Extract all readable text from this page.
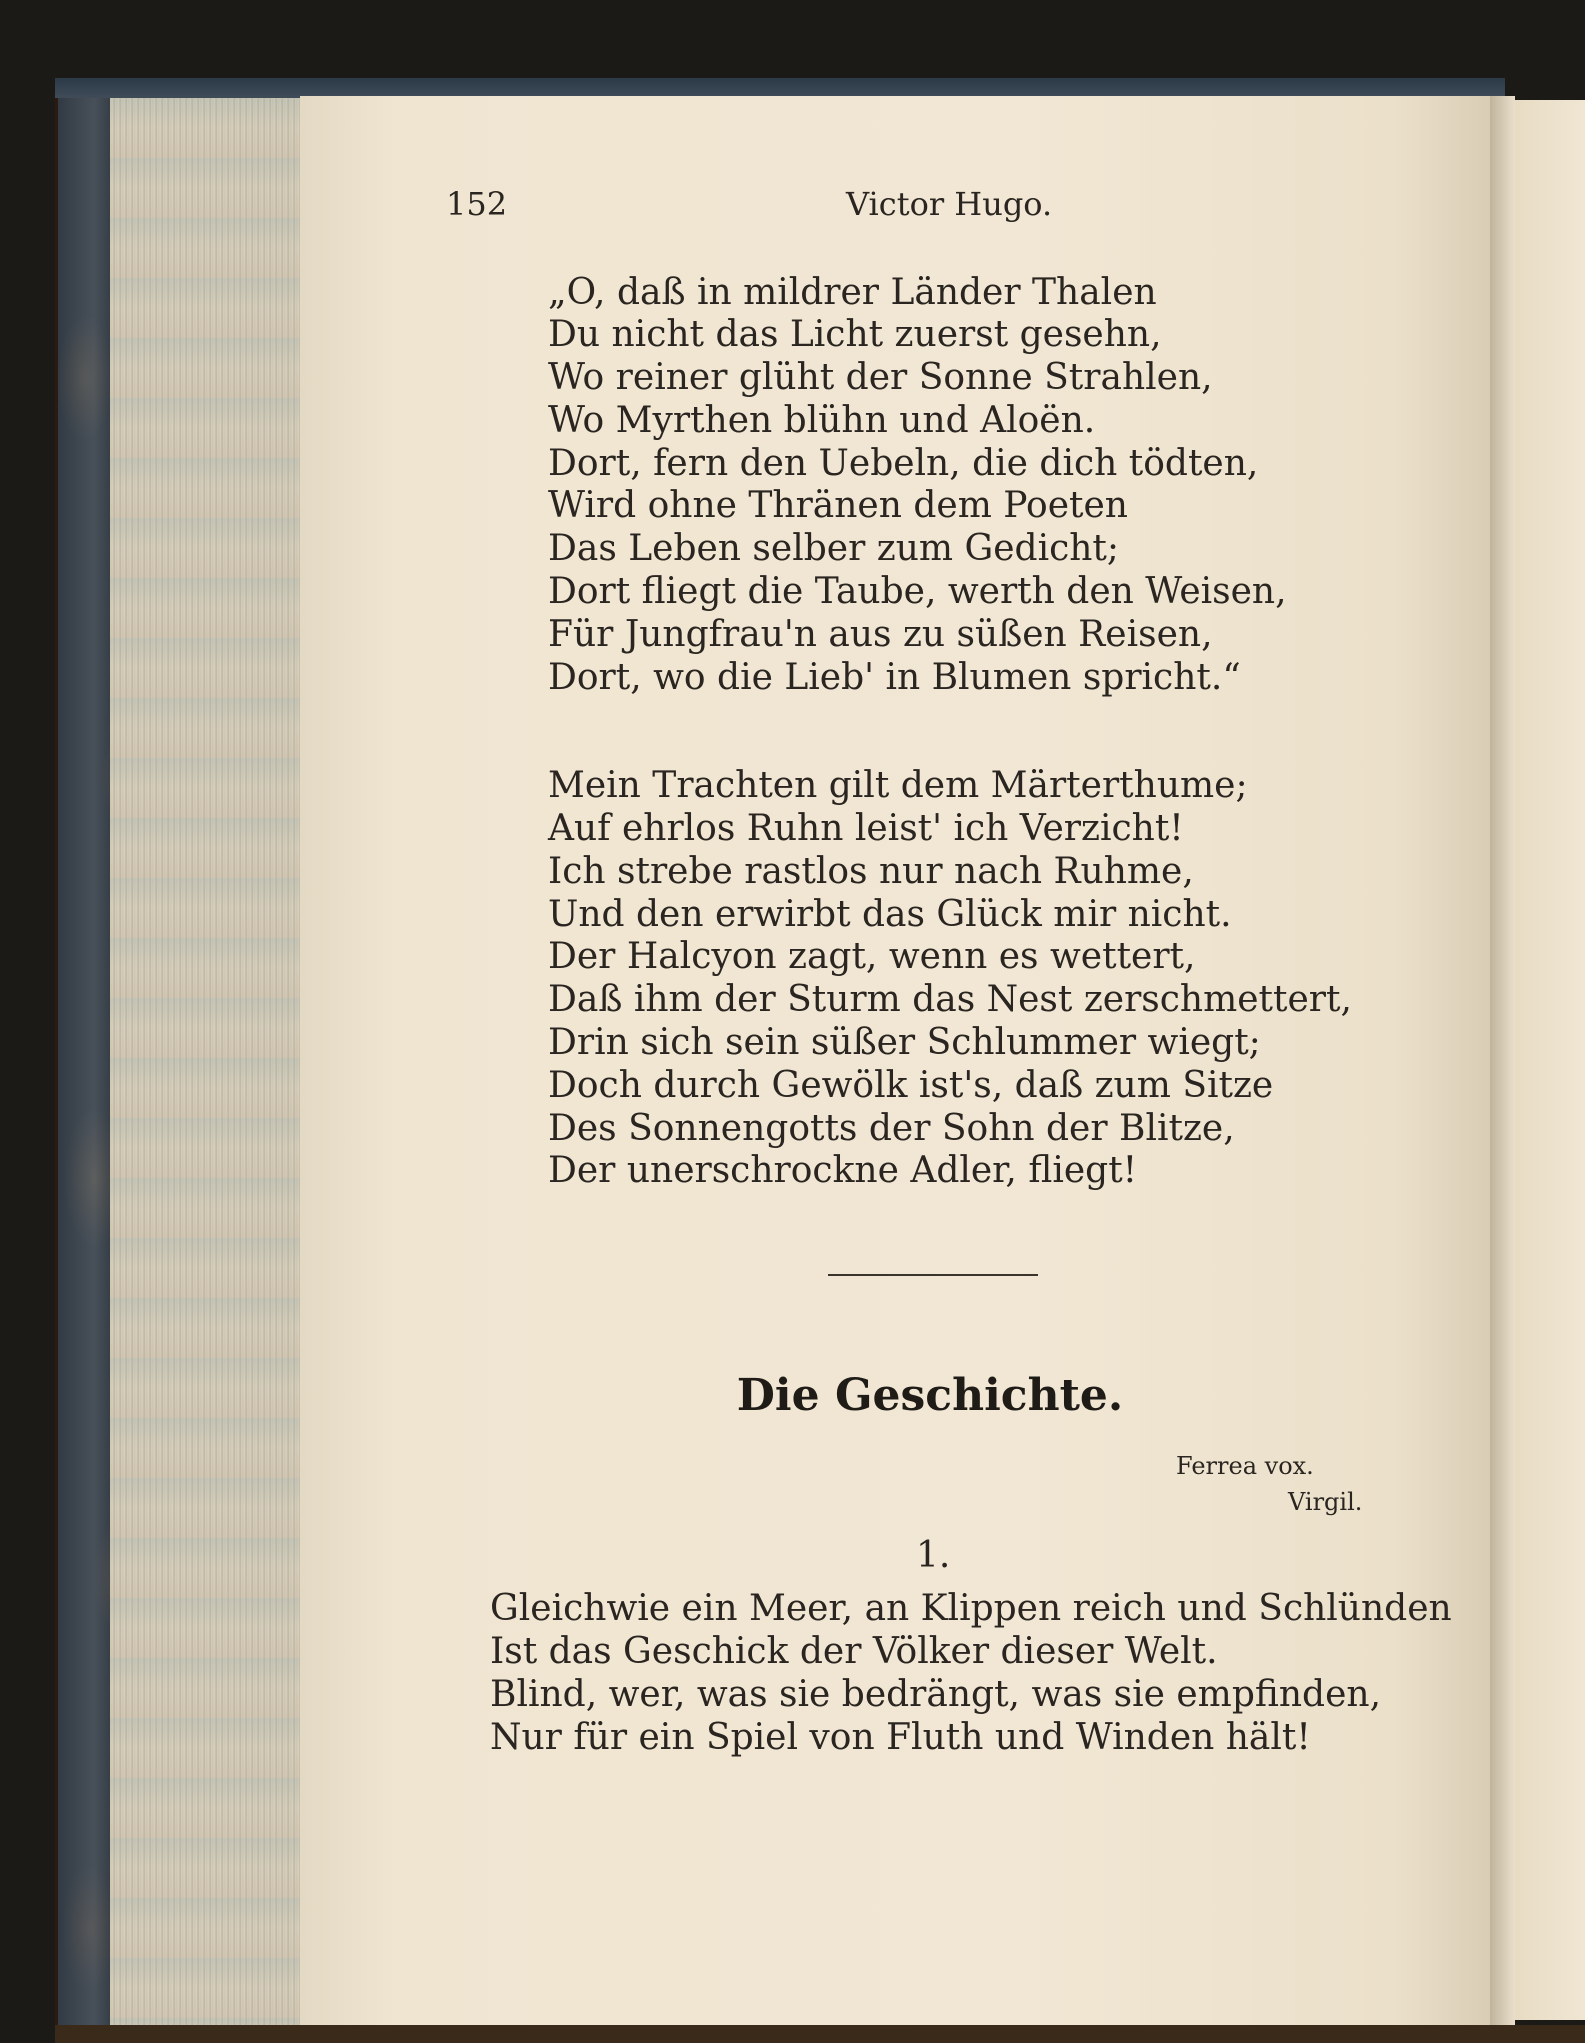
152	Victor Hugo.
„O, daß in mildrer Länder Thalen
Du nicht das Licht zuerst gesehn,
Wo reiner glüht der Sonne Strahlen,
Wo Myrthen blühn und Aloën.
Dort, fern den Uebeln, die dich tödten,
Wird ohne Thränen dem Poeten
Das Leben selber zum Gedicht;
Dort fliegt die Taube, werth den Weisen,
Für Jungfrau'n aus zu süßen Reisen,
Dort, wo die Lieb' in Blumen spricht.“
Mein Trachten gilt dem Märterthume;
Auf ehrlos Ruhn leist' ich Verzicht!
Ich strebe rastlos nur nach Ruhme,
Und den erwirbt das Glück mir nicht.
Der Halcyon zagt, wenn es wettert,
Daß ihm der Sturm das Nest zerschmettert,
Drin sich sein süßer Schlummer wiegt;
Doch durch Gewölk ist's, daß zum Sitze
Des Sonnengotts der Sohn der Blitze,
Der unerschrockne Adler, fliegt!
Die Geschichte.
Ferrea vox.
Virgil.
1.
Gleichwie ein Meer, an Klippen reich und Schlünden
Ist das Geschick der Völker dieser Welt.
Blind, wer, was sie bedrängt, was sie empfinden,
Nur für ein Spiel von Fluth und Winden hält!
